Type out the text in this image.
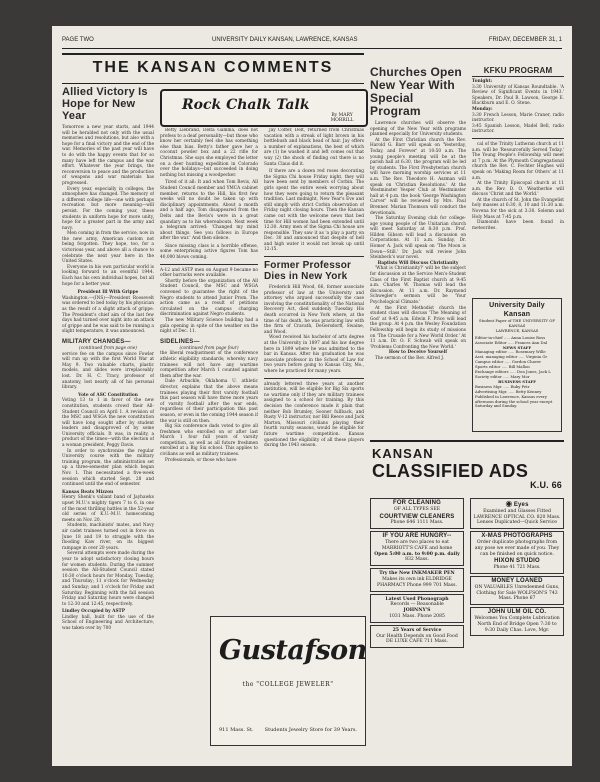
PAGE TWO	UNIVERSITY DAILY KANSAN, LAWRENCE, KANSAS	FRIDAY, DECEMBER 31, 1
THE KANSAN COMMENTS
Allied Victory Is Hope for New Year
Tomorrow a new year starts, and 1944 will be heralded not only with the usual memories and resolutions, but also with a hope for a final victory and the end of the war. Memories of the past year will have to do with the happy events that for so many have left the campus and the war effort. Whatever the year brings, the reconversion to peace and the production of weapons and war materials has progressed.
Every year, especially in colleges, the atmosphere has changed. The memory of a different college life—one with perhaps recreation but more meaning—will persist. For the coming year, these students in uniform hope for more unity, hope for a greater part in the army and navy.
Men coming in from the service, now in the new army, American custom not being forgotten. They hope, too, for a victorious year, and above all a chance to celebrate the next year here in the United States.
Everyone in his own particular world is looking forward to an eventful 1944. Each has his own individual hopes, but all hope for a better year.
President Ill With Grippe
Washington.—(INS)—President Roosevelt was ordered to bed today by his physician as the result of a slight attack of grippe. The President's chief aim of the last few days had turned over night into an attack of grippe and he was said to be running a slight temperature, it was announced.
MILITARY CHANGES—
(continued from page one)
service fee on the campus since Fowler will run up with the first World War at May 9. Two valuable charts, plastic models, and slides were irreplaceably lost. Dr. H. C. Tracy, professor of anatomy, lost nearly all of his personal library.
Vote of ASC Constitution
Voting 13 to 1 in favor of the new constitution, students crowd their All-Student Council on April 1. A revision of the MSC and WSGA the new constitution will have long sought after by student leaders and disapproved of by some University officials. It was, in reality, a product of the times—with the election of a woman president, Peggy Davis.
In order to synchronize the regular University course with the military training program, the administration set up a three-semester plan which began Nov. 1. This necessitated a five-week session which started Sept. 28 and continued until the end of semester.
Kansas Beats Mizzou
Henry Shenk's valiant band of Jayhawks upset M.U.'s mighty tigers 7 to 6, in one of the most thrilling battles in the 52-year old series of K.U.-M.U. homecoming meets on Nov. 20.
Students, machinists' mates, and Navy air cadet trainees turned out in force on June 18 and 19 to struggle with the flooding Kaw river, on its biggest rampage in over 20 years.
Several attempts were made during the year to adopt satisfactory closing hours for women students. During the summer session the All-Student Council stated 10:30 o'clock hours for Monday, Tuesday, and Thursday; 11 o'clock for Wednesday and Sunday; and 1 o'clock for Friday and Saturday. Beginning with the fall session Friday and Saturday hours were changed to 12:30 and 12:45, respectively.
Lindley Occupied by ASTP
Lindley hall, built for the use of the School of Engineering and Architecture, was taken over by 700
Rock Chalk Talk
By MARY MORRILL
Betty Liebrand, Delta Gamma, does not profess to a deaf personality—but those who know her certainly feel she has something else than bias. Betty's father gave her a coconut powder box and a 22 rifle for Christmas. She says she employed the letter on a deer hunting expedition in Colorado over the holidays—but succeeded in doing nothing but missing a woodpecker.
Tired of it all: It and when Tom Bevis, All Student Council member and YMCA cabinet member, returns to the Hill, his first few weeks will no doubt be taken up with disciplinary appointments. About a month and a half ago, Tom disappeared from the Delts and the Bevis's were in a great quandary as to his whereabouts. Next week a telegram arrived: 'Changed my mind about things. See you follows in Europe after the war.' And then silence.
Since missing class is a horrible offense, some enterprising active figures Tom has 40,000 blows coming.
A-12 and ASTP men on August 9 became no other barracks were available.
Shortly before the organization of the All Student Council, the MSC and WSGA convened to guarantee the right of the Negro students to attend Junior Prom. The action came as a result of petitions circulated on the campus charging discrimination against Negro students.
The new Military Science building had a gala opening in spite of the weather on the night of Dec. 11.
SIDELINES—
(continued from page four)
the liberal readjustment of the conference athletic eligibility standards; whereby navy trainees will not have any wartime competition after March 1 counted against them after the war.
Dale Arbuckle, Oklahoma U. athletic director, explains that the above means trainees playing their first varsity football this past season will have three more years of varsity football after the war ends, regardless of their participation this past season, or even in the coming 1944 season if the war is still on then.
Big Six conference dads voted to give all freshmen who enrolled on or after last March 1 four full years of varsity competition, as well as all future freshmen enrolled at a Big Six school. This applies to civilians as well as military trainees.
Professionals, or those who have
Jay Coffer, Delt, returned from Christmas vacation with a streak of light brown in his bottlebush and black head of hair. Jay offers a number of explanations, the best of which are (1) he washed it and left comes out that way (2) the shock of finding out there is no Santa Claus did it.
If there are a dozen red roses decorating the Sigma Chi house Friday night, they will have been sent by members of Corbin. The girls spent the entire week worrying about how they were going to return the pleasant tradition. Last midnight, New Year's Eve and still simply with strict Corbin observation of Friday night closing hours. Then the Kansan came out with the welcome news that bed time for Hill women had been extended until 12:30. Army men of the Sigma Chi house are responsible. They saw it as 'a play a party on Dec. 30 and announced that despite of hell and high water it would not break up until 12:15.
Former Professor Dies in New York
Frederick Hill Wood, 66, former associate professor of law at the University and attorney who argued successfully the case involving the constitutionality of the National Recovery Act, died suddenly Tuesday. His death occurred in New York where, at the time of his death, he was practicing law with the firm of Cravath, DeGersdorff, Swaine, and Wood.
Wood received his bachelor of arts degree at the University in 1897 and his law degree here in 1899 where he was admitted to the bar in Kansas. After his graduation he was associate professor in the School of Law for two years before going to Kansas City, Mo., where he practiced for many years.
already lettered three years at another institution, will be eligible for Big Six sports no wartime only if they are military trainees assigned to a school for training. By this decision the conference made it plain that neither Bob Brumley, Sooner fullback, and Rusty V-12 instructor, nor Bill Reece and Jack Marton, Missouri civilians playing their fourth varsity seasons, would be eligible for future wartime competition. Kansas questioned the eligibility of all these players during the 1943 season.
Gustafson
the "COLLEGE JEWELER"
911 Mass. St. Students Jewelry Store for 39 Years.
Churches Open New Year With Special Program
Lawrence churches will observe the opening of the New Year with programs planned especially for University students.
At the First Christian church the Rev. Harold G. Barr will speak on 'Yesterday, Today, and Forever' at 10:50 a.m. The young people's meeting will be at the parish hall at 6:30, the program will be led by students. The First Presbyterian church will have morning worship services at 11 a.m. The Rev. Theodore H. Aszman will speak on 'Christian Resolutions.' At the Westminster Vesper Club at Westminster hall at 4 p.m. the book 'George Washington Carver' will be reviewed by Mrs. Paul Brenner. Marian Thomson will conduct the devotionals.
The Saturday Evening club for college-age young people of the Unitarian church will meet Saturday at 8:30 p.m. Prof. Hilden Gibson will lead a discussion on Corporations. At 11 a.m. Sunday, Dr. Homer A. Jack will speak on 'The Moon is Down—Still.' Dr. Jack will review John Steinbeck's war novel.
Baptists Will Discuss Christianity
'What is Christianity?' will be the subject for discussion at the Service Men's-Student Class of the First Baptist church at 9:45 a.m. Charles W. Thomas will lead the discussion. At 11 a.m. Dr. Raymond Schwegler's sermon will be 'Your Psychological Climate.'
At the First Methodist church the student class will discuss 'The Meaning of God' at 9:45 a.m. Edwin F. Price will lead the group. At 4 p.m. the Wesley Foundation Fellowship will begin its study of missions on 'The Crusade for a New World Order.' At 11 a.m. Dr. O. F. Schwab will speak on 'Problems Confronting the New World.'
How to Deceive Yourself
The sermon of the Rev. Alfred J.
KFKU PROGRAM
Tonight:
3:30 University of Kansas Roundtable. 'A Review of Significant Events in 1943.' Speakers, Dr. Paul B. Lawson, George E. Blackburn and E. O. Stene.
Monday:
3:30 French Lesson, Marie Craner, radio instructor.
3:45 Spanish Lesson, Madel Bell, radio instructor.
cal of the Trinity Lutheran church at 11 a.m. will be 'Resourcefully Served Today.' The Young People's Fellowship will meet at 7 p.m. At the Plymouth Congregational church the Rev. C. Fechter Hughes will speak on 'Making Room for Others' at 11 a.m.
At the Trinity Episcopal church at 11 a.m. the Rev. D. O. Weatherbie will discuss 'Christ and the World.'
At the church of St. John the Evangelist holy masses at 6:30, 8, 10 and 11:30 a.m. Novena for the sick at 3:30. Solemn and Holy Mass at 7:45 p.m.
Diamonds have been found in meteorites.
University Daily Kansan
Student Paper of THE UNIVERSITY OF KANSAS
LAWRENCE, KANSAS
Editor-in-chief ..... Anna Louise Ross
Associate Editor ..... Frances Ann Dal
NEWS STAFF
Managing editor ..... Rosemary Wille
Asst. managing editor ..... Virginia Gr
Campus editor ..... Gordon Chaver
Sports editor ..... Bill Mallon
Exchange editors ..... Don Jones, Jack L
Society editor ..... Mary Mor
BUSINESS STAFF
Business Mgr. ..... Ruby Petr
Advertising Mgr. ..... Betty Kenney
Published in Lawrence, Kansas every afternoon during the school year except Saturday and Sunday.
KANSAN
CLASSIFIED ADS
K.U. 66
FOR CLEANING
OF ALL TYPES SEE
COURTVIEW CLEANERS
Phone 646 1111 Mass.
IF YOU ARE HUNGRY--
There are two places to eat MARRIOTT'S CAFE and home
Open 5:00 a.m. to 9:00 p.m. daily
832 Mass.
Try the New INKMAKER PEN
Makes its own ink ELDRIDGE PHARMACY Phone 999 701 Mass.
Latest Used Phonograph
Records — Reasonable
JOHNNY'S
1031 Mass. Phone 2085
25 Years of Service
Our Health Depends on Good Food DE LUXE CAFE 711 Mass.
◉ Eyes
Examined and Glasses Fitted LAWRENCE OPTICAL CO. 820 Mass. Lenses Duplicated—Quick Service
X-MAS PHOTOGRAPHS
Order duplicate photographs from any pose we ever made of you. They can be finished on quick notice.
HIXON STUDIO
Phone 41 721 Mass.
MONEY LOANED
ON VALUABLES Unredeemed Guns, Clothing for Sale WOLFSON'S 743 Mass. Phone 67
JOHN ULM OIL CO.
Welcomes You Complete Lubrication North End of Bridge Open 7:30 to 9:30 Daily Chas. Love, Mgr.
